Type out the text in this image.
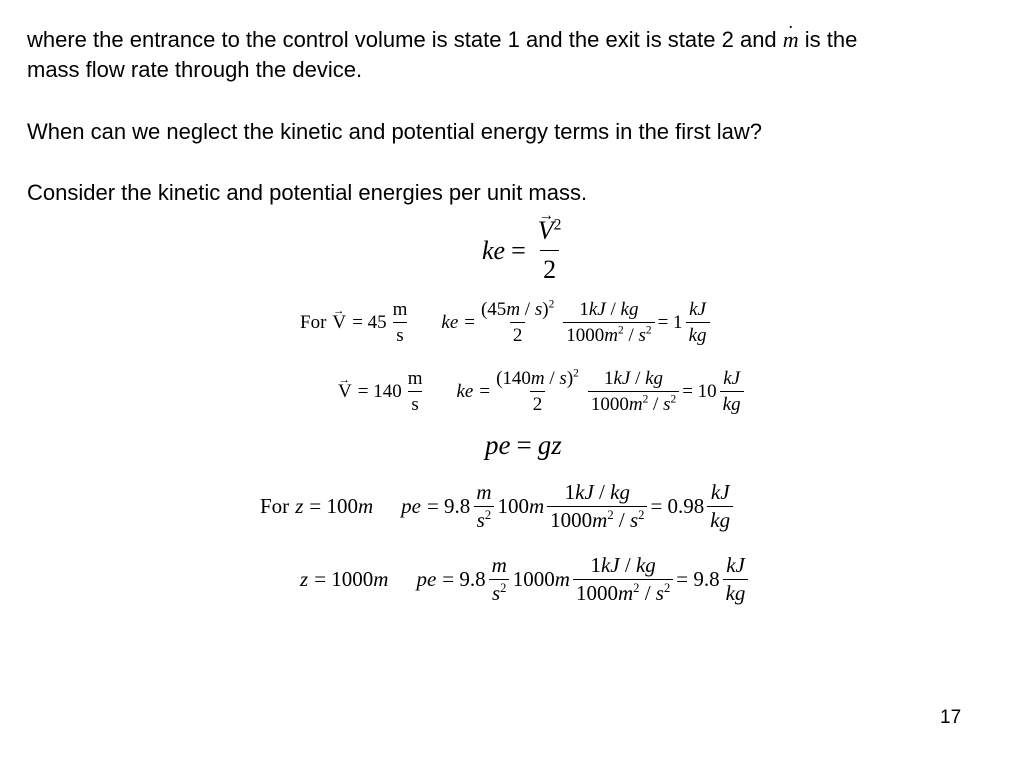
where the entrance to the control volume is state 1 and the exit is state 2 and · m is the
mass flow rate through the device.
When can we neglect the kinetic and potential energy terms in the first law?
Consider the kinetic and potential energies per unit mass.
ke = → $\frac{V^2}{2}$
For → $V = 45 \frac{m}{s}$ ke = $\frac{(45m / s)^2}{2} \frac{1kJ / kg}{1000m^2 / s^2} = 1 \frac{kJ}{kg}$
→ $V = 140 \frac{m}{s}$ ke = $\frac{(140m / s)^2}{2} \frac{1kJ / kg}{1000m^2 / s^2} = 10 \frac{kJ}{kg}$
pe = gz
For z = 100 m pe = $9.8 \frac{m}{s^2} 100$ m $\frac{1kJ / kg}{1000m^2 / s^2} = 0.98 \frac{kJ}{kg}$
z = 1000 m pe = $9.8 \frac{m}{s^2} 1000$ m $\frac{1kJ / kg}{1000m^2 / s^2} = 9.8 \frac{kJ}{kg}$
17
